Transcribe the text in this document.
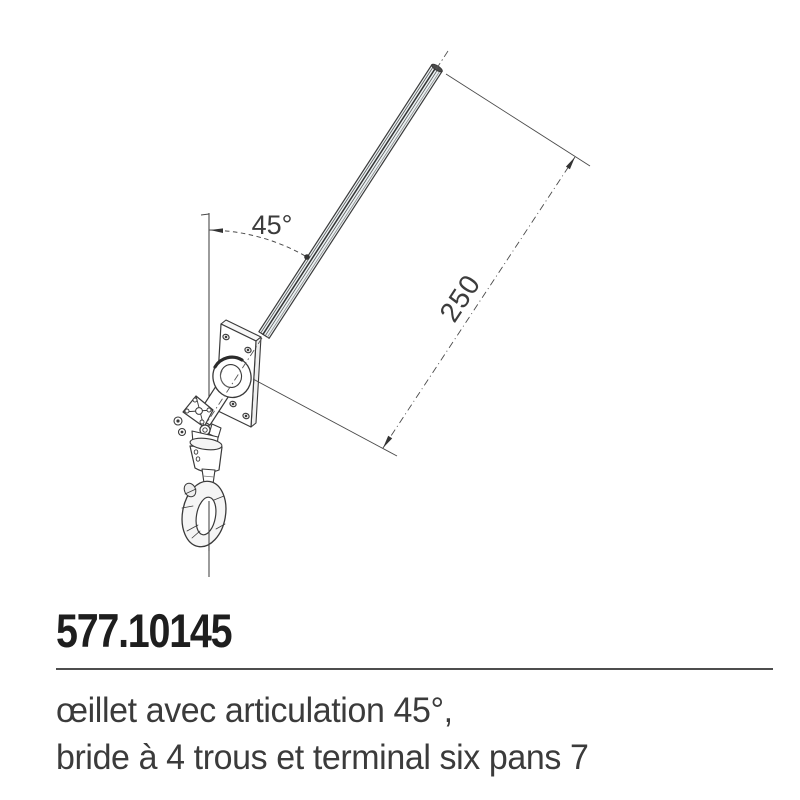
45°
250
577.10145
œillet avec articulation 45°,
bride à 4 trous et terminal six pans 7
